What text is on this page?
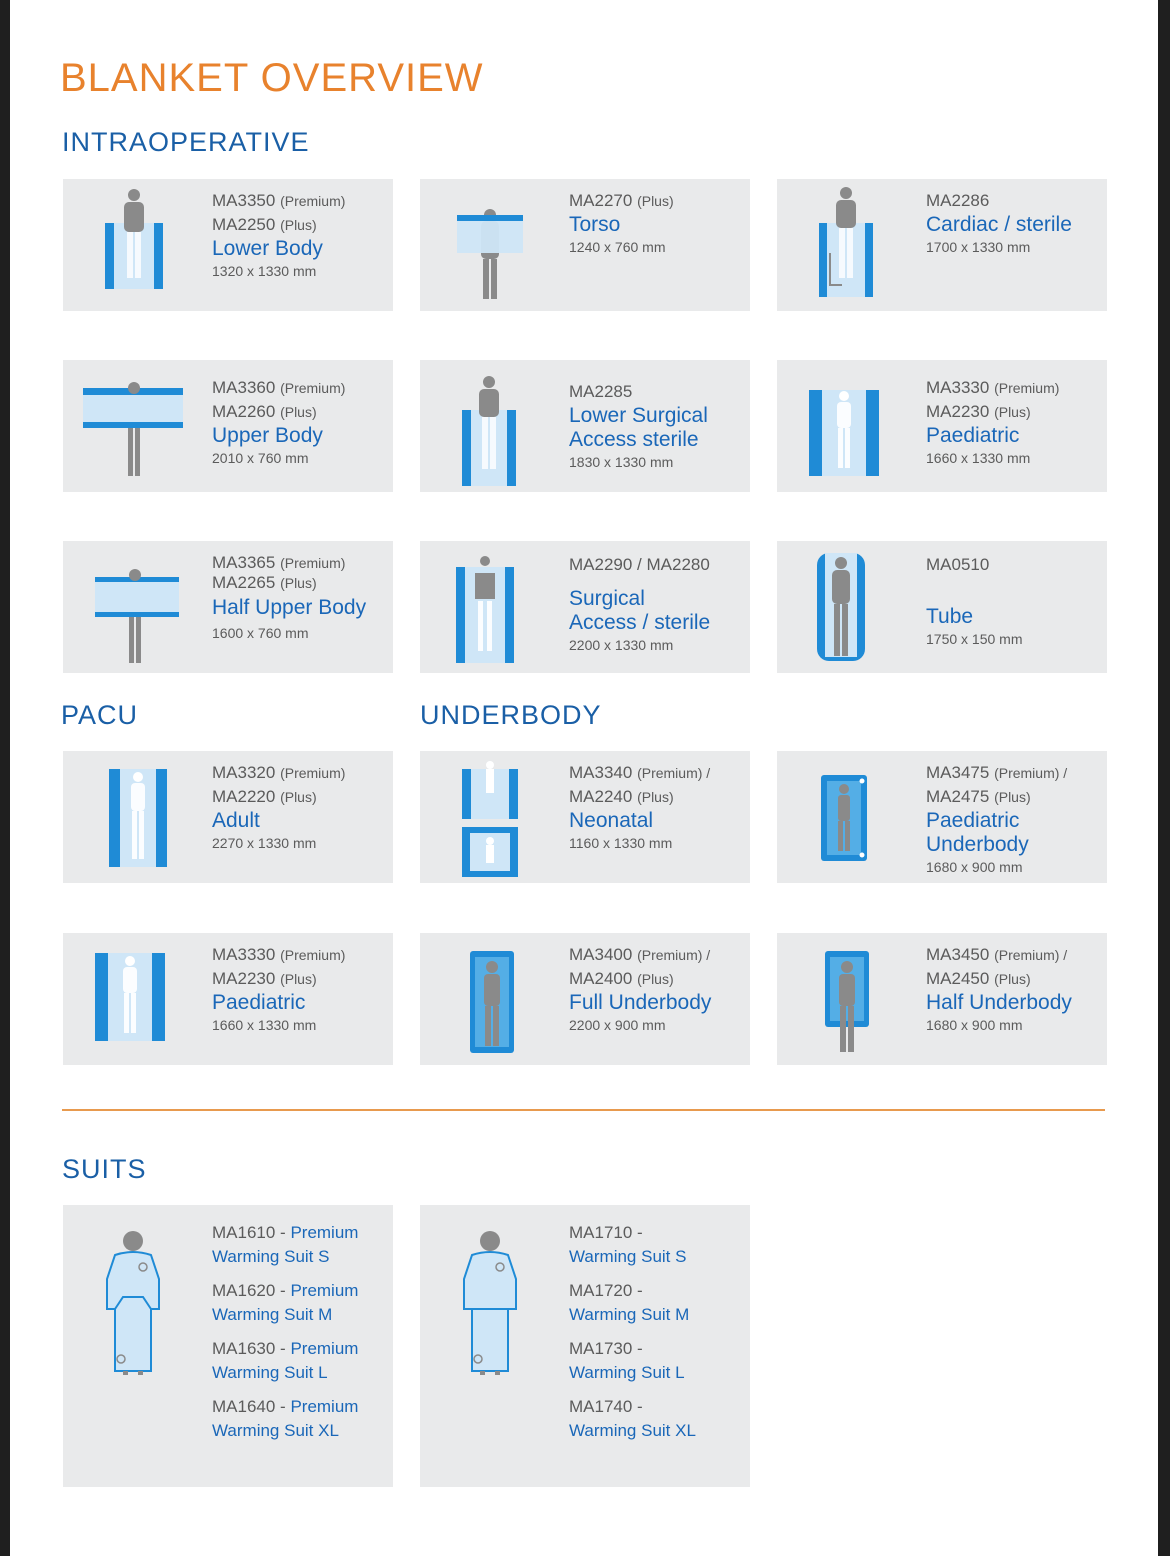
BLANKET OVERVIEW
INTRAOPERATIVE
PACU	UNDERBODY
MA3350 (Premium)
MA2250 (Plus)
Lower Body
1320 x 1330 mm
MA2270 (Plus)
Torso
1240 x 760 mm
MA2286
Cardiac / sterile
1700 x 1330 mm
MA3360 (Premium)
MA2260 (Plus)
Upper Body
2010 x 760 mm
MA2285
Lower Surgical
Access sterile
1830 x 1330 mm
MA3330 (Premium)
MA2230 (Plus)
Paediatric
1660 x 1330 mm
MA3365 (Premium)
MA2265 (Plus)
Half Upper Body
1600 x 760 mm
MA2290 / MA2280
Surgical
Access / sterile
2200 x 1330 mm
MA0510
Tube
1750 x 150 mm
MA3320 (Premium)
MA2220 (Plus)
Adult
2270 x 1330 mm
MA3340 (Premium) /
MA2240 (Plus)
Neonatal
1160 x 1330 mm
MA3475 (Premium) /
MA2475 (Plus)
Paediatric
Underbody
1680 x 900 mm
MA3330 (Premium)
MA2230 (Plus)
Paediatric
1660 x 1330 mm
MA3400 (Premium) /
MA2400 (Plus)
Full Underbody
2200 x 900 mm
MA3450 (Premium) /
MA2450 (Plus)
Half Underbody
1680 x 900 mm
SUITS
MA1610 - Premium
Warming Suit S
MA1620 - Premium
Warming Suit M
MA1630 - Premium
Warming Suit L
MA1640 - Premium
Warming Suit XL
MA1710 -
Warming Suit S
MA1720 -
Warming Suit M
MA1730 -
Warming Suit L
MA1740 -
Warming Suit XL
